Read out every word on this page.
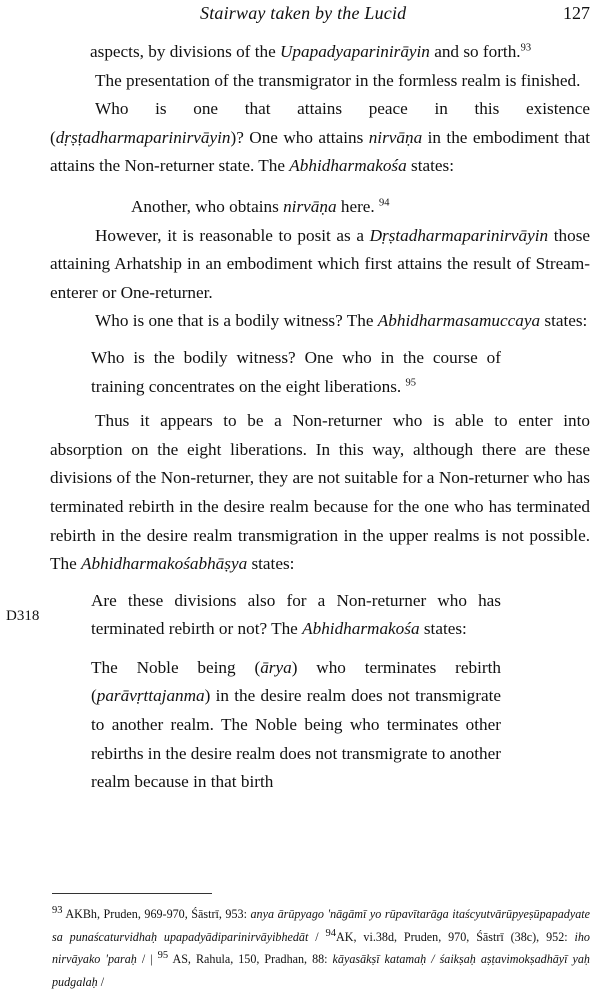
Stairway taken by the Lucid	127

aspects, by divisions of the Upapadyaparinirāyin and so forth.$^{93}$

The presentation of the transmigrator in the formless realm is finished.

Who is one that attains peace in this existence (dṛṣṭadharmaparinirvāyin)? One who attains nirvāṇa in the embodiment that attains the Non-returner state. The Abhidharmakośa states:

Another, who obtains nirvāṇa here. $^{94}$

However, it is reasonable to posit as a Dṛṣtadharmaparinirvāyin those attaining Arhatship in an embodiment which first attains the result of Stream-enterer or One-returner.

Who is one that is a bodily witness? The Abhidharmasamuccaya states:

Who is the bodily witness? One who in the course of training concentrates on the eight liberations. $^{95}$

Thus it appears to be a Non-returner who is able to enter into absorption on the eight liberations. In this way, although there are these divisions of the Non-returner, they are not suitable for a Non-returner who has terminated rebirth in the desire realm because for the one who has terminated rebirth in the desire realm transmigration in the upper realms is not possible. The Abhidharmakośabhāṣya states:

Are these divisions also for a Non-returner who has terminated rebirth or not? The Abhidharmakośa states:

The Noble being (ārya) who terminates rebirth (parāvṛttajanma) in the desire realm does not transmigrate to another realm. The Noble being who terminates other rebirths in the desire realm does not transmigrate to another realm because in that birth

D318
93 AKBh, Pruden, 969-970, Śāstrī, 953: anya ārūpyago 'nāgāmī yo rūpavītarāga itaścyutvārūpyeṣūpapadyate sa punaścaturvidhaḥ upapadyādiparinirvāyibhedāt / 94AK, vi.38d, Pruden, 970, Śāstrī (38c), 952: iho nirvāyako 'paraḥ / | 95 AS, Rahula, 150, Pradhan, 88: kāyasākṣī katamaḥ / śaikṣaḥ aṣṭavimokṣadhāyī yaḥ pudgalaḥ /
